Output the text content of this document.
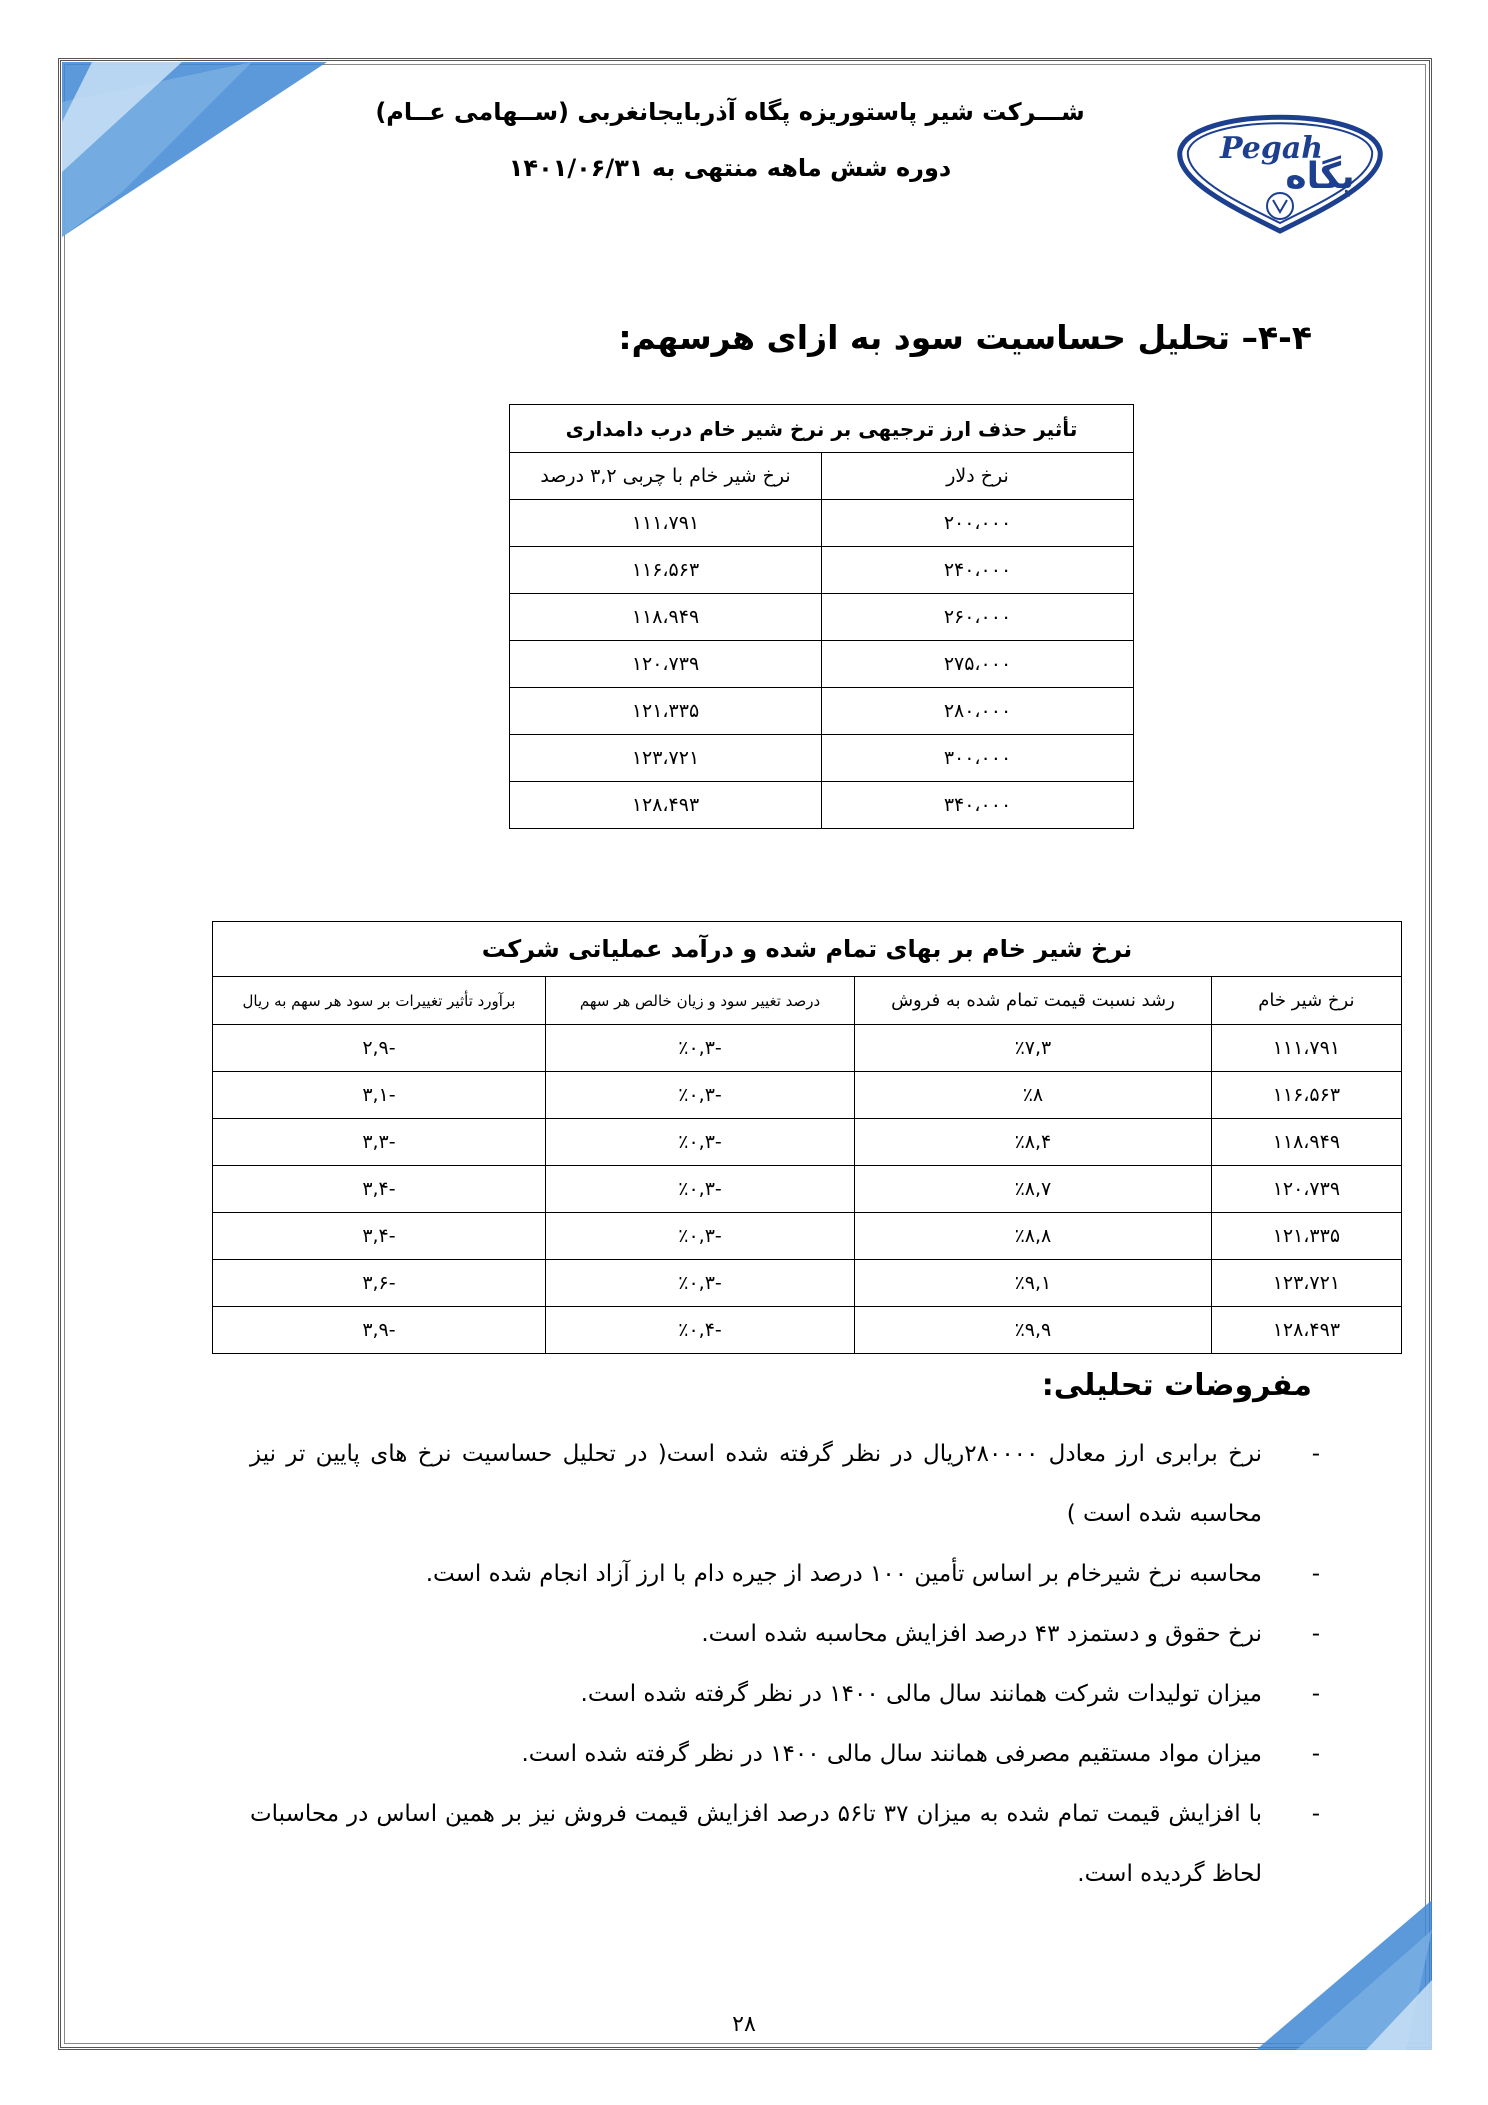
شـــرکت شیر پاستوریزه پگاه آذربایجانغربی (ســهامی عــام)
دوره شش ماهه منتهی به ۱۴۰۱/۰۶/۳۱
Pegah
پگاه
۴-۴– تحلیل حساسیت سود به ازای هرسهم:
تأثیر حذف ارز ترجیهی بر نرخ شیر خام درب دامداری	
نرخ دلار	نرخ شیر خام با چربی ۳,۲ درصد
۲۰۰،۰۰۰	۱۱۱،۷۹۱
۲۴۰،۰۰۰	۱۱۶،۵۶۳
۲۶۰،۰۰۰	۱۱۸،۹۴۹
۲۷۵،۰۰۰	۱۲۰،۷۳۹
۲۸۰،۰۰۰	۱۲۱،۳۳۵
۳۰۰،۰۰۰	۱۲۳،۷۲۱
۳۴۰،۰۰۰	۱۲۸،۴۹۳
نرخ شیر خام بر بهای تمام شده و درآمد عملیاتی شرکت			
نرخ شیر خام	رشد نسبت قیمت تمام شده به فروش	درصد تغییر سود و زیان خالص هر سهم	برآورد تأثیر تغییرات بر سود هر سهم به ریال
۱۱۱،۷۹۱	٪۷,۳	-٪۰,۳	-۲,۹
۱۱۶،۵۶۳	٪۸	-٪۰,۳	-۳,۱
۱۱۸،۹۴۹	٪۸,۴	-٪۰,۳	-۳,۳
۱۲۰،۷۳۹	٪۸,۷	-٪۰,۳	-۳,۴
۱۲۱،۳۳۵	٪۸,۸	-٪۰,۳	-۳,۴
۱۲۳،۷۲۱	٪۹,۱	-٪۰,۳	-۳,۶
۱۲۸،۴۹۳	٪۹,۹	-٪۰,۴	-۳,۹
مفروضات تحلیلی:
-
نرخ برابری ارز معادل ۲۸۰۰۰۰ریال در نظر گرفته شده است( در تحلیل حساسیت نرخ های پایین تر نیز محاسبه شده است )
-
محاسبه نرخ شیرخام بر اساس تأمین ۱۰۰ درصد از جیره دام با ارز آزاد انجام شده است.
-
نرخ حقوق و دستمزد ۴۳ درصد افزایش محاسبه شده است.
-
میزان تولیدات شرکت همانند سال مالی ۱۴۰۰ در نظر گرفته شده است.
-
میزان مواد مستقیم مصرفی همانند سال مالی ۱۴۰۰ در نظر گرفته شده است.
-
با افزایش قیمت تمام شده به میزان ۳۷ تا۵۶ درصد افزایش قیمت فروش نیز بر همین اساس در محاسبات لحاظ گردیده است.
۲۸
